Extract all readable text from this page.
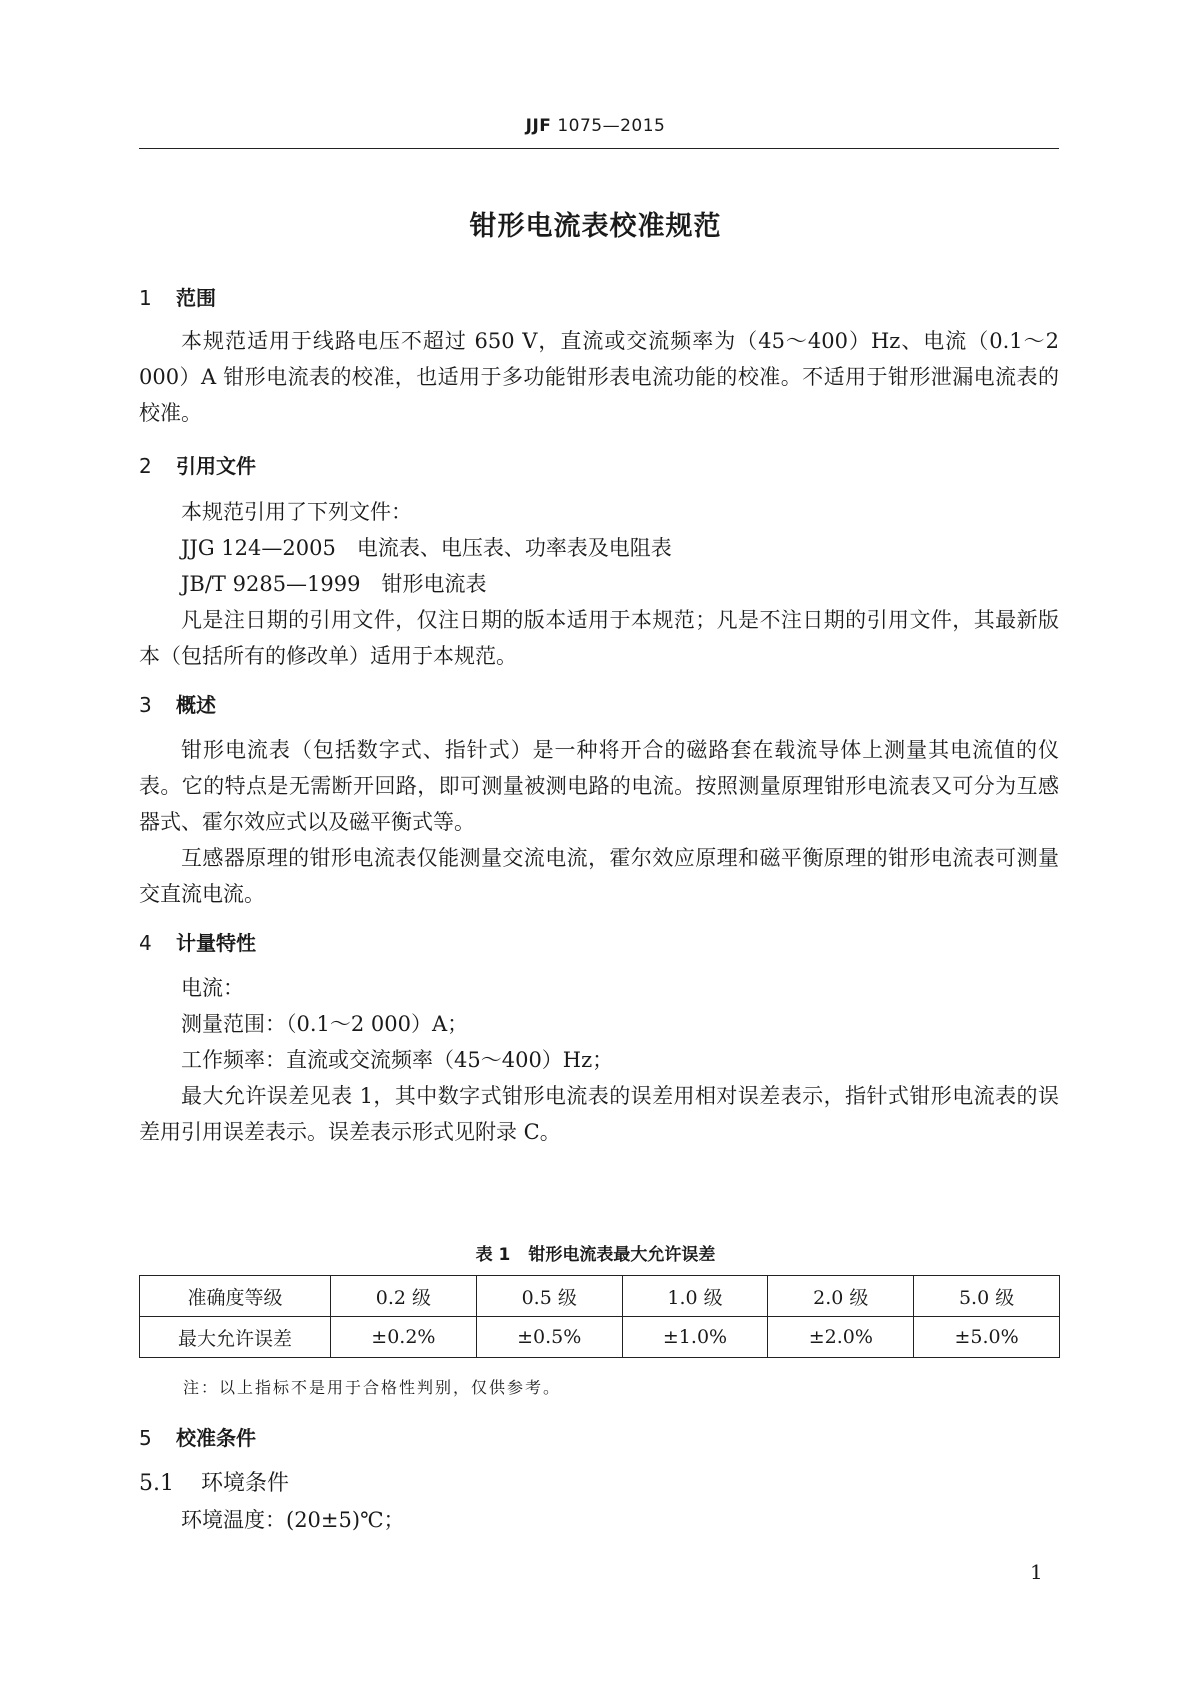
JJF 1075—2015
钳形电流表校准规范
1 范围
本规范适用于线路电压不超过 650 V，直流或交流频率为（45～400）Hz、电流（0.1～2 000）A 钳形电流表的校准，也适用于多功能钳形表电流功能的校准。不适用于钳形泄漏电流表的校准。
2 引用文件
本规范引用了下列文件：
JJG 124—2005　电流表、电压表、功率表及电阻表
JB/T 9285—1999　钳形电流表
凡是注日期的引用文件，仅注日期的版本适用于本规范；凡是不注日期的引用文件，其最新版本（包括所有的修改单）适用于本规范。
3 概述
钳形电流表（包括数字式、指针式）是一种将开合的磁路套在载流导体上测量其电流值的仪表。它的特点是无需断开回路，即可测量被测电路的电流。按照测量原理钳形电流表又可分为互感器式、霍尔效应式以及磁平衡式等。
互感器原理的钳形电流表仅能测量交流电流，霍尔效应原理和磁平衡原理的钳形电流表可测量交直流电流。
4 计量特性
电流：
测量范围：（0.1～2 000）A；
工作频率：直流或交流频率（45～400）Hz；
最大允许误差见表 1，其中数字式钳形电流表的误差用相对误差表示，指针式钳形电流表的误差用引用误差表示。误差表示形式见附录 C。
表 1 钳形电流表最大允许误差
准确度等级	0.2 级	0.5 级	1.0 级	2.0 级	5.0 级
最大允许误差	±0.2%	±0.5%	±1.0%	±2.0%	±5.0%
注：以上指标不是用于合格性判别，仅供参考。
5 校准条件
5.1 环境条件
环境温度：(20±5)℃；
1
